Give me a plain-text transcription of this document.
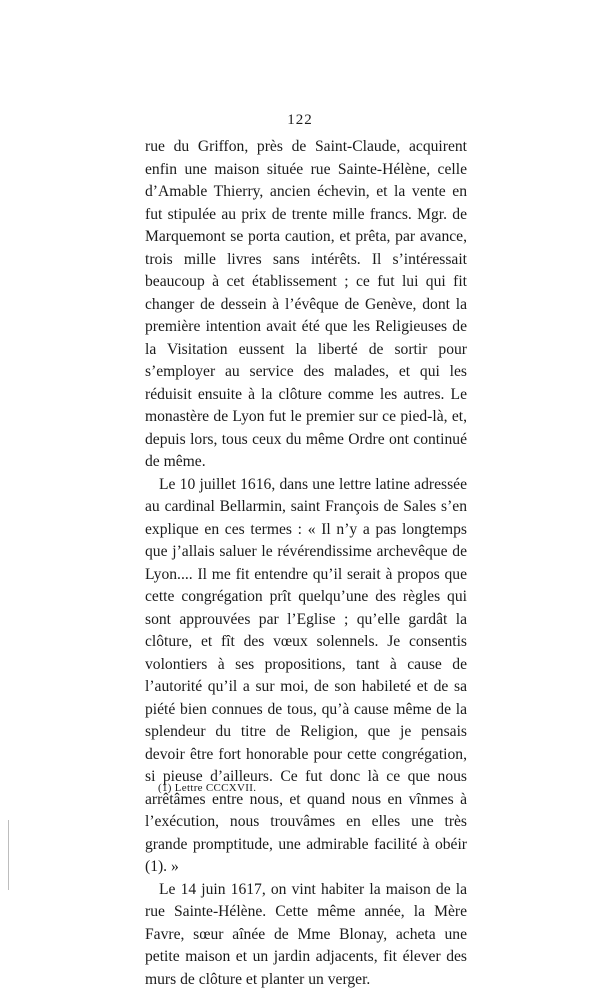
122

rue du Griffon, près de Saint-Claude, acquirent enfin une maison située rue Sainte-Hélène, celle d’Amable Thierry, ancien échevin, et la vente en fut stipulée au prix de trente mille francs. Mgr. de Marquemont se porta caution, et prêta, par avance, trois mille livres sans intérêts. Il s’intéressait beaucoup à cet établissement ; ce fut lui qui fit changer de dessein à l’évêque de Genève, dont la première intention avait été que les Religieuses de la Visitation eussent la liberté de sortir pour s’employer au service des malades, et qui les réduisit ensuite à la clôture comme les autres. Le monastère de Lyon fut le premier sur ce pied-là, et, depuis lors, tous ceux du même Ordre ont continué de même.

Le 10 juillet 1616, dans une lettre latine adressée au cardinal Bellarmin, saint François de Sales s’en explique en ces termes : « Il n’y a pas longtemps que j’allais saluer le révérendissime archevêque de Lyon.... Il me fit entendre qu’il serait à propos que cette congrégation prît quelqu’une des règles qui sont approuvées par l’Eglise ; qu’elle gardât la clôture, et fît des vœux solennels. Je consentis volontiers à ses propositions, tant à cause de l’autorité qu’il a sur moi, de son habileté et de sa piété bien connues de tous, qu’à cause même de la splendeur du titre de Religion, que je pensais devoir être fort honorable pour cette congrégation, si pieuse d’ailleurs. Ce fut donc là ce que nous arrêtâmes entre nous, et quand nous en vînmes à l’exécution, nous trouvâmes en elles une très grande promptitude, une admirable facilité à obéir (1). »

Le 14 juin 1617, on vint habiter la maison de la rue Sainte-Hélène. Cette même année, la Mère Favre, sœur aînée de Mme Blonay, acheta une petite maison et un jardin adjacents, fit élever des murs de clôture et planter un verger.

(1) Lettre CCCXVII.
